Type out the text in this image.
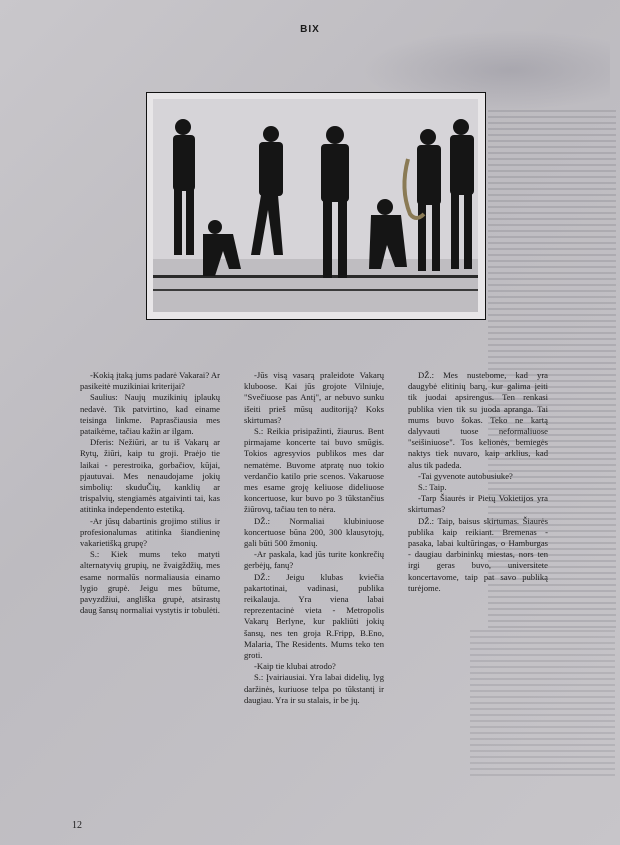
BIX

-Kokią įtaką jums padarė Vakarai? Ar pasikeitė muzikiniai kriterijai?

Saulius: Naujų muzikinių įplaukų nedavė. Tik patvirtino, kad einame teisinga linkme. Paprasčiausia mes pataikėme, tačiau kažin ar ilgam.

Dferis: Nežiūri, ar tu iš Vakarų ar Rytų, žiūri, kaip tu groji. Praėjo tie laikai - perestroika, gorbačiov, kūjai, pjautuvai. Mes nenaudojame jokių simbolių: skuduČių, kanklių ar trispalvių, stengiamės atgaivinti tai, kas atitinka independento estetiką.

-Ar jūsų dabartinis grojimo stilius ir profesionalumas atitinka šiandieninę vakarietišką grupę?

S.: Kiek mums teko matyti alternatyvių grupių, ne žvaigždžių, mes esame normalūs normaliausia einamo lygio grupė. Jeigu mes būtume, pavyzdžiui, angliška grupė, atsirastų daug šansų normaliai vystytis ir tobulėti.

-Jūs visą vasarą praleidote Vakarų kluboose. Kai jūs grojote Vilniuje, "Svečiuose pas Antį", ar nebuvo sunku išeiti prieš mūsų auditoriją? Koks skirtumas?

S.: Reikia prisipažinti, žiaurus. Bent pirmajame koncerte tai buvo smūgis. Tokios agresyvios publikos mes dar nematėme. Buvome atpratę nuo tokio verdančio katilo prie scenos. Vakaruose mes esame groję keliuose dideliuose koncertuose, kur buvo po 3 tūkstančius žiūrovų, tačiau ten to nėra.

DŽ.: Normaliai klubiniuose koncertuose būna 200, 300 klausytojų, gali būti 500 žmonių.

-Ar paskala, kad jūs turite konkrečių gerbėjų, fanų?

DŽ.: Jeigu klubas kviečia pakartotinai, vadinasi, publika reikalauja. Yra viena labai reprezentacinė vieta - Metropolis Vakarų Berlyne, kur pakliūti jokių šansų, nes ten groja R.Fripp, B.Eno, Malaria, The Residents. Mums teko ten groti.

-Kaip tie klubai atrodo?

S.: Įvairiausiai. Yra labai didelių, lyg daržinės, kuriuose telpa po tūkstantį ir daugiau. Yra ir su stalais, ir be jų.

DŽ.: Mes nustebome, kad yra daugybė elitinių barų, kur galima įeiti tik juodai apsirengus. Ten renkasi publika vien tik su juoda apranga. Tai mums buvo šokas. Teko ne kartą dalyvauti tuose neformaliuose "seišiniuose". Tos kelionės, bemiegės naktys tiek nuvaro, kaip arklius, kad alus tik padeda.

-Tai gyvenote autobusiuke?

S.: Taip.

-Tarp Šiaurės ir Pietų Vokietijos yra skirtumas?

DŽ.: Taip, baisus skirtumas. Šiaurės publika kaip reikiant. Bremenas - pasaka, labai kultūringas, o Hamburgas - daugiau darbininkų miestas, nors ten irgi geras buvo, universitete koncertavome, taip pat savo publiką turėjome.

12
